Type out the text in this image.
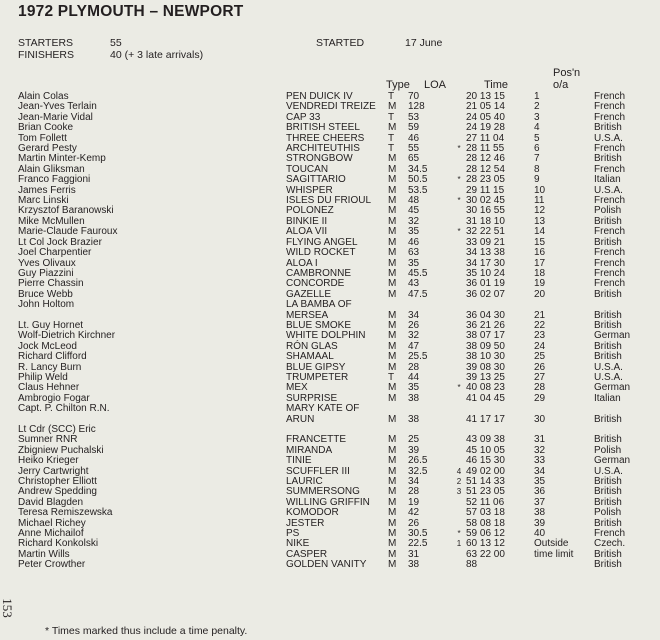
1972 PLYMOUTH – NEWPORT
STARTERS	55
FINISHERS	40 (+ 3 late arrivals)
STARTED	17 June
Type LOA	Time
Pos'n
o/a
Alain Colas	PEN DUICK IV	T	70		20 13 15	1	French
Jean-Yves Terlain	VENDREDI TREIZE	M	128		21 05 14	2	French
Jean-Marie Vidal	CAP 33	T	53		24 05 40	3	French
Brian Cooke	BRITISH STEEL	M	59		24 19 28	4	British
Tom Follett	THREE CHEERS	T	46		27 11 04	5	U.S.A.
Gerard Pesty	ARCHITEUTHIS	T	55	*	28 11 55	6	French
Martin Minter-Kemp	STRONGBOW	M	65		28 12 46	7	British
Alain Gliksman	TOUCAN	M	34.5		28 12 54	8	French
Franco Faggioni	SAGITTARIO	M	50.5	*	28 23 05	9	Italian
James Ferris	WHISPER	M	53.5		29 11 15	10	U.S.A.
Marc Linski	ISLES DU FRIOUL	M	48	*	30 02 45	11	French
Krzysztof Baranowski	POLONEZ	M	45		30 16 55	12	Polish
Mike McMullen	BINKIE II	M	32		31 18 10	13	British
Marie-Claude Fauroux	ALOA VII	M	35	*	32 22 51	14	French
Lt Col Jock Brazier	FLYING ANGEL	M	46		33 09 21	15	British
Joel Charpentier	WILD ROCKET	M	63		34 13 38	16	French
Yves Olivaux	ALOA I	M	35		34 17 30	17	French
Guy Piazzini	CAMBRONNE	M	45.5		35 10 24	18	French
Pierre Chassin	CONCORDE	M	43		36 01 19	19	French
Bruce Webb	GAZELLE	M	47.5		36 02 07	20	British
John Holtom	LA BAMBA OF						
	MERSEA	M	34		36 04 30	21	British
Lt. Guy Hornet	BLUE SMOKE	M	26		36 21 26	22	British
Wolf-Dietrich Kirchner	WHITE DOLPHIN	M	32		38 07 17	23	German
Jock McLeod	RÓN GLAS	M	47		38 09 50	24	British
Richard Clifford	SHAMAAL	M	25.5		38 10 30	25	British
R. Lancy Burn	BLUE GIPSY	M	28		39 08 30	26	U.S.A.
Philip Weld	TRUMPETER	T	44		39 13 25	27	U.S.A.
Claus Hehner	MEX	M	35	*	40 08 23	28	German
Ambrogio Fogar	SURPRISE	M	38		41 04 45	29	Italian
Capt. P. Chilton R.N.	MARY KATE OF						
	ARUN	M	38		41 17 17	30	British
Lt Cdr (SCC) Eric							
Sumner RNR	FRANCETTE	M	25		43 09 38	31	British
Zbigniew Puchalski	MIRANDA	M	39		45 10 05	32	Polish
Heiko Krieger	TINIE	M	26.5		46 15 30	33	German
Jerry Cartwright	SCUFFLER III	M	32.5	4	49 02 00	34	U.S.A.
Christopher Elliott	LAURIC	M	34	2	51 14 33	35	British
Andrew Spedding	SUMMERSONG	M	28	3	51 23 05	36	British
David Blagden	WILLING GRIFFIN	M	19		52 11 06	37	British
Teresa Remiszewska	KOMODOR	M	42		57 03 18	38	Polish
Michael Richey	JESTER	M	26		58 08 18	39	British
Anne Michailof	PS	M	30.5	*	59 06 12	40	French
Richard Konkolski	NIKE	M	22.5	1	60 13 12	Outside	Czech.
Martin Wills	CASPER	M	31		63 22 00	time limit	British
Peter Crowther	GOLDEN VANITY	M	38		88		British
* Times marked thus include a time penalty.
153
